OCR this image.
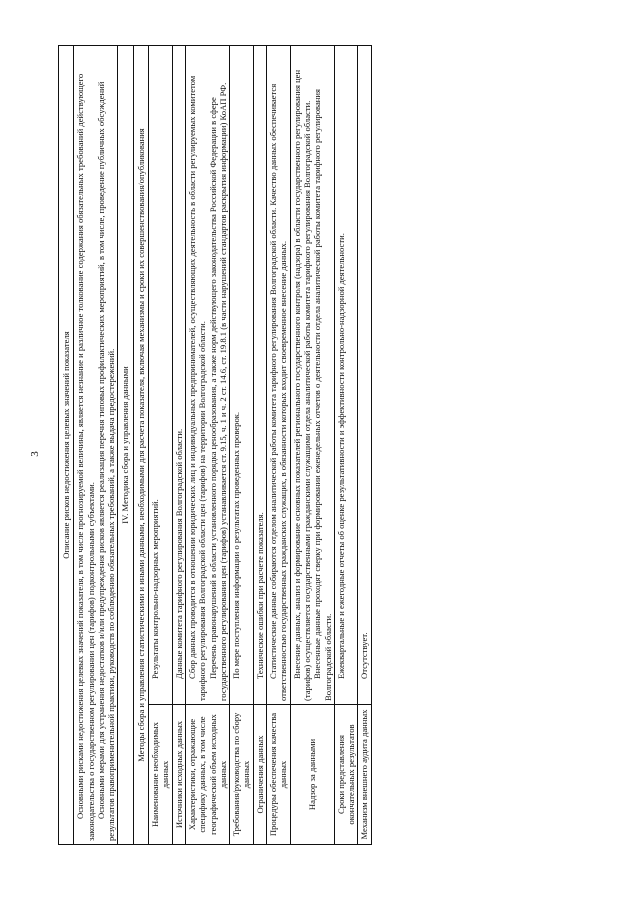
3 Описание рисков недостижения целевых значений показателя	

Основными рисками недостижения целевых значений показателя, в том числе прогнозируемой величины, является незнание и различное толкование содержания обязательных требований действующего законодательства о государственном регулировании цен (тарифов) подконтрольными субъектами. Основными мерами для устранения недостатков и/или предупреждения рисков является реализация перечня типовых профилактических мероприятий, в том числе, проведение публичных обсуждений результатов правоприменительной практики, руководств по соблюдению обязательных требований, а также выдача предостережений.	

IV. Методика сбора и управления данными	
Методы сбора и управления статистическими и иными данными, необходимыми для расчета показателя, включая механизмы и сроки их совершенствования/опубликования	
Наименование необходимых данных	Результаты контрольно-надзорных мероприятий.

Источники исходных данных	Данные комитета тарифного регулирования Волгоградской области.

Характеристики, отражающие специфику данных, в том числе географический объем исходных данных	Сбор данных проводится в отношении юридических лиц и индивидуальных предпринимателей, осуществляющих деятельность в области регулируемых комитетом тарифного регулирования Волгоградской области цен (тарифов) на территории Волгоградской области. Перечень правонарушений в области установленного порядка ценообразования, а также норм действующего законодательства Российской Федерации в сфере государственного регулирования цен (тарифов) устанавливается ст. 9.15, ч. 1 и ч. 2 ст. 14.6, ст. 19.8.1 (в части нарушений стандартов раскрытия информации) КоАП РФ.

Требования/руководства по сбору данных	По мере поступления информации о результатах проведенных проверок.

Ограничения данных	Технические ошибки при расчете показателя.

Процедуры обеспечения качества данных	Статистические данные собираются отделом аналитической работы комитета тарифного регулирования Волгоградской области. Качество данных обеспечивается ответственностью государственных гражданских служащих, в обязанности которых входит своевременное внесение данных.

Надзор за данными	Внесение данных, анализ и формирование основных показателей регионального государственного контроля (надзора) в области государственного регулирования цен (тарифов) осуществляется государственными гражданскими служащими отдела аналитической работы комитета тарифного регулирования Волгоградской области. Внесенные данные проходят сверку при формировании еженедельных отчетов о деятельности отдела аналитической работы комитета тарифного регулирования Волгоградской области.

Сроки представления окончательных результатов	Ежеквартальные и ежегодные отчеты об оценке результативности и эффективности контрольно-надзорной деятельности.

Механизм внешнего аудита данных	Отсутствует.
